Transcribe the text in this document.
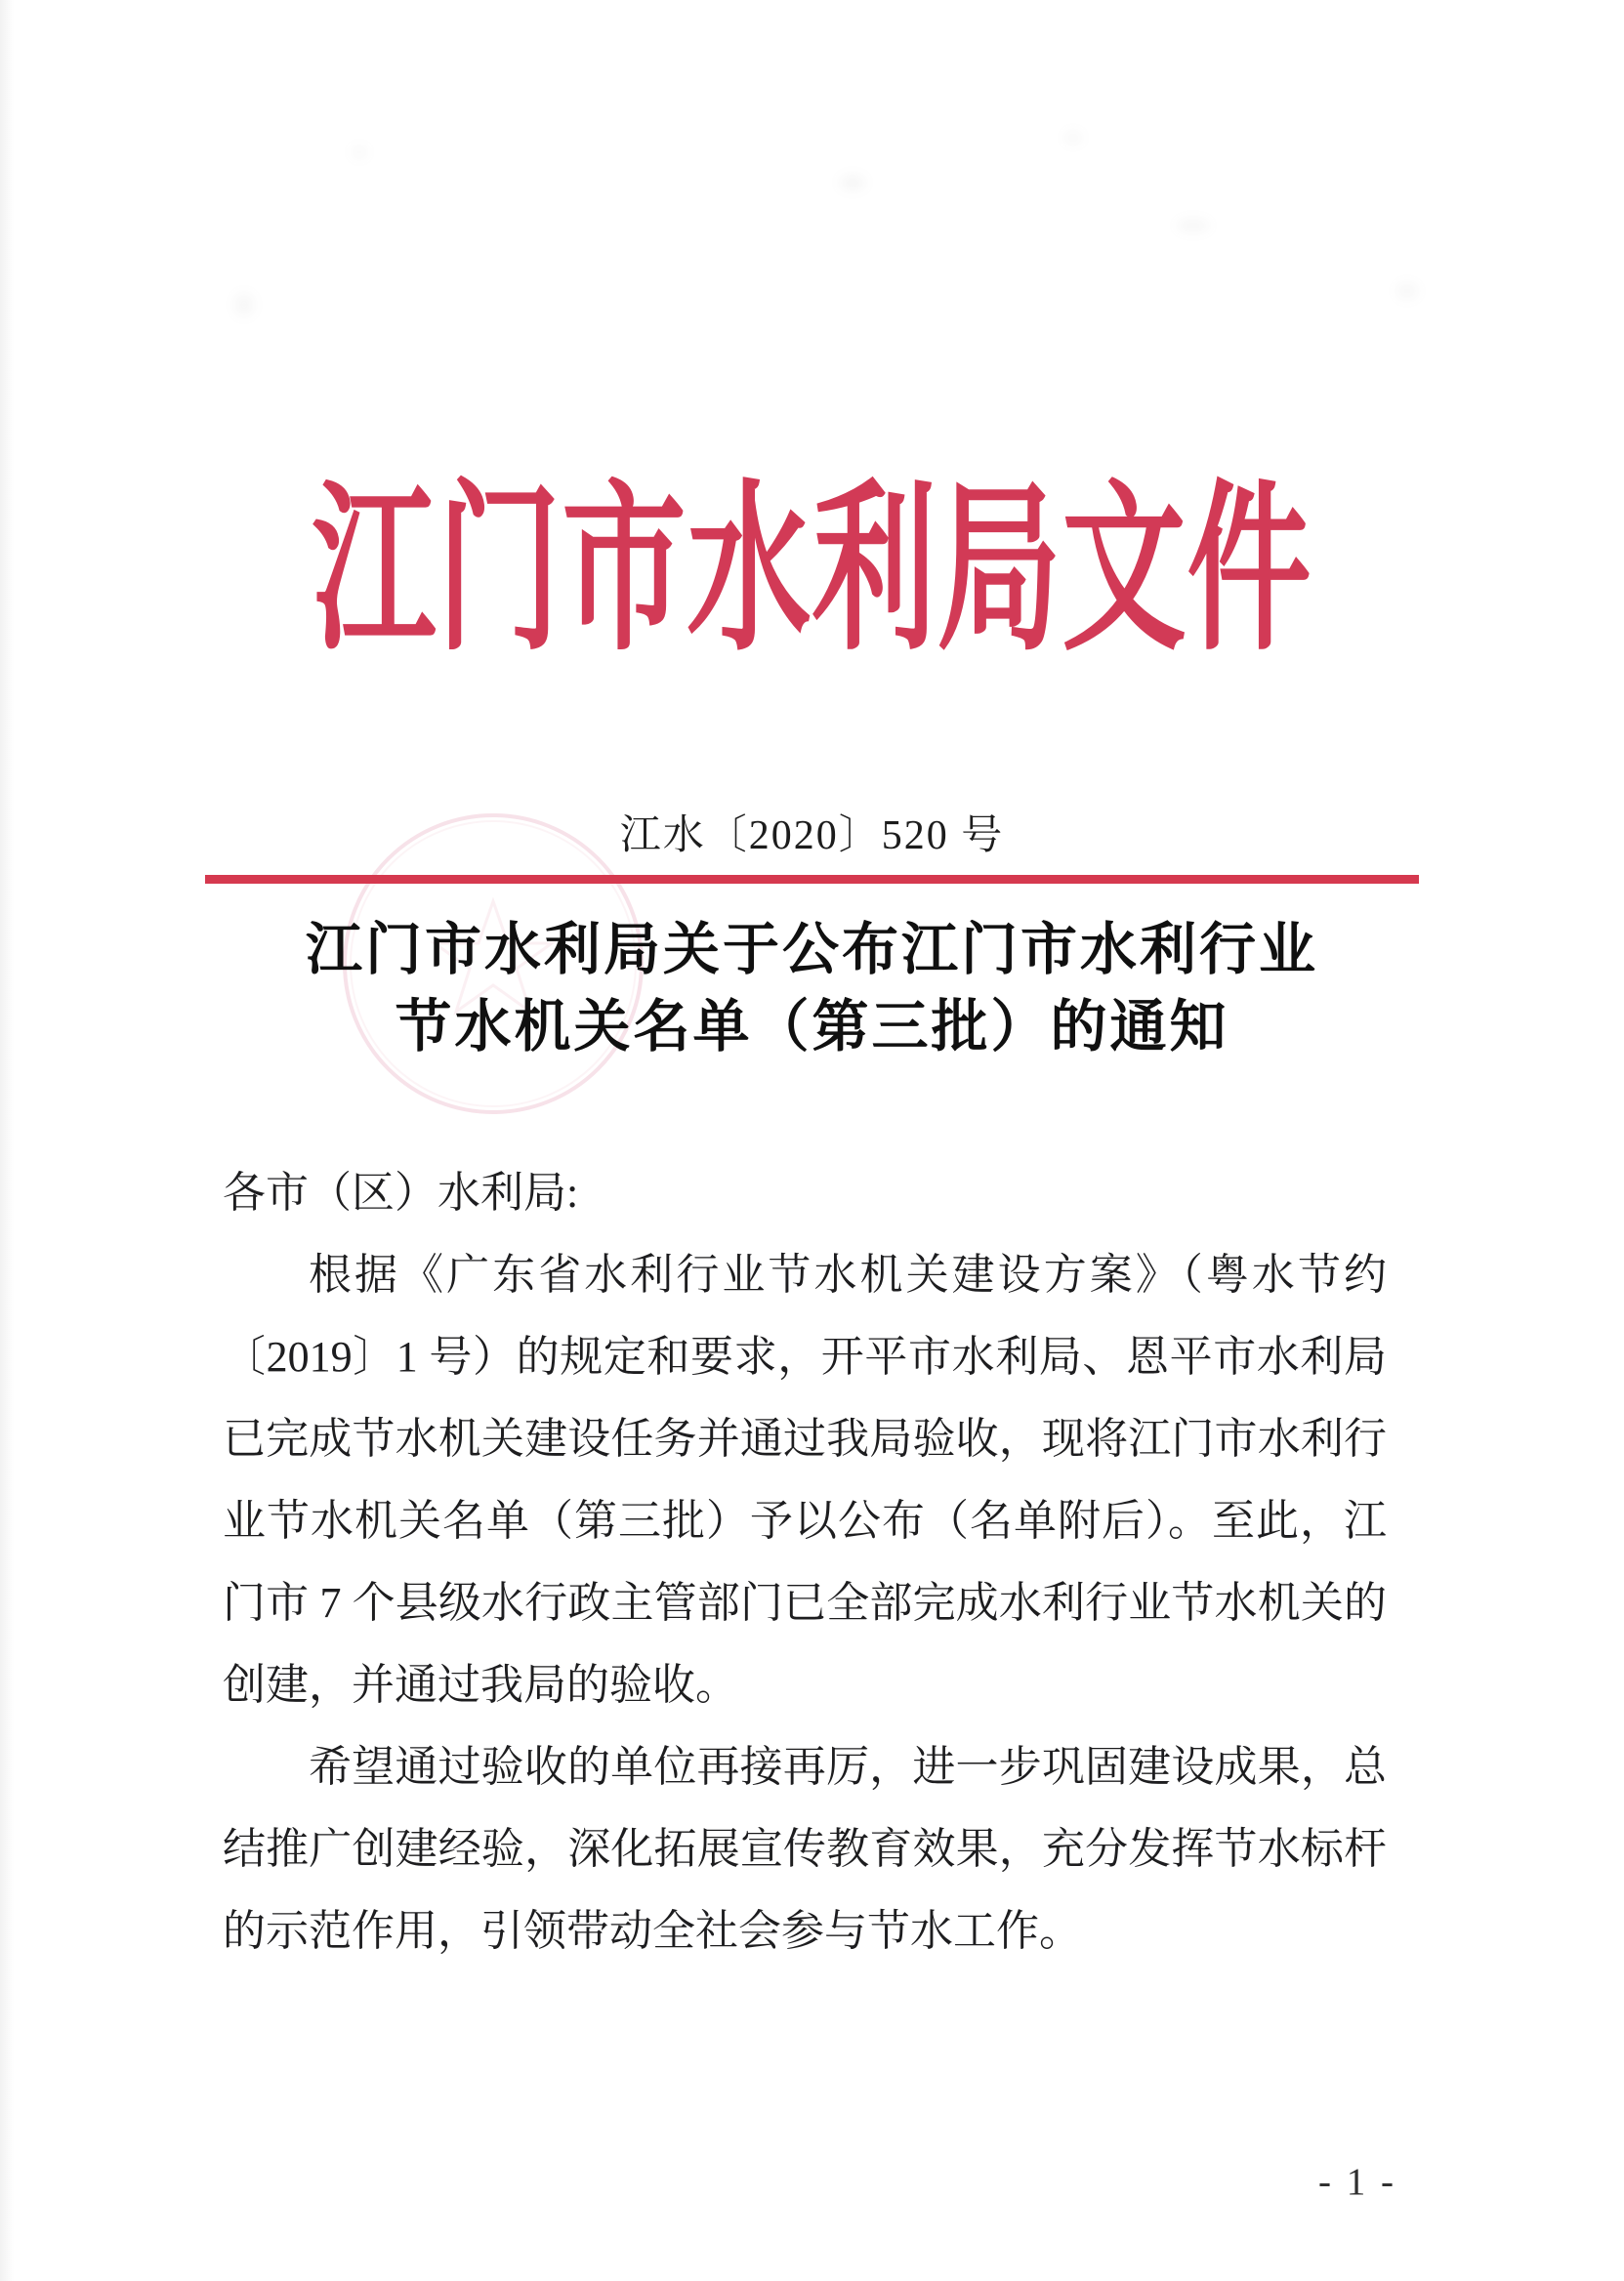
江门市水利局文件
江水〔2020〕520 号
江门市水利局关于公布江门市水利行业
节水机关名单（第三批）的通知
各市（区）水利局:
根据《广东省水利行业节水机关建设方案》（粤水节约
〔2019〕1 号）的规定和要求，开平市水利局、恩平市水利局
已完成节水机关建设任务并通过我局验收，现将江门市水利行
业节水机关名单（第三批）予以公布（名单附后）。至此，江
门市 7 个县级水行政主管部门已全部完成水利行业节水机关的
创建，并通过我局的验收。
希望通过验收的单位再接再厉，进一步巩固建设成果，总
结推广创建经验，深化拓展宣传教育效果，充分发挥节水标杆
的示范作用，引领带动全社会参与节水工作。
- 1 -
